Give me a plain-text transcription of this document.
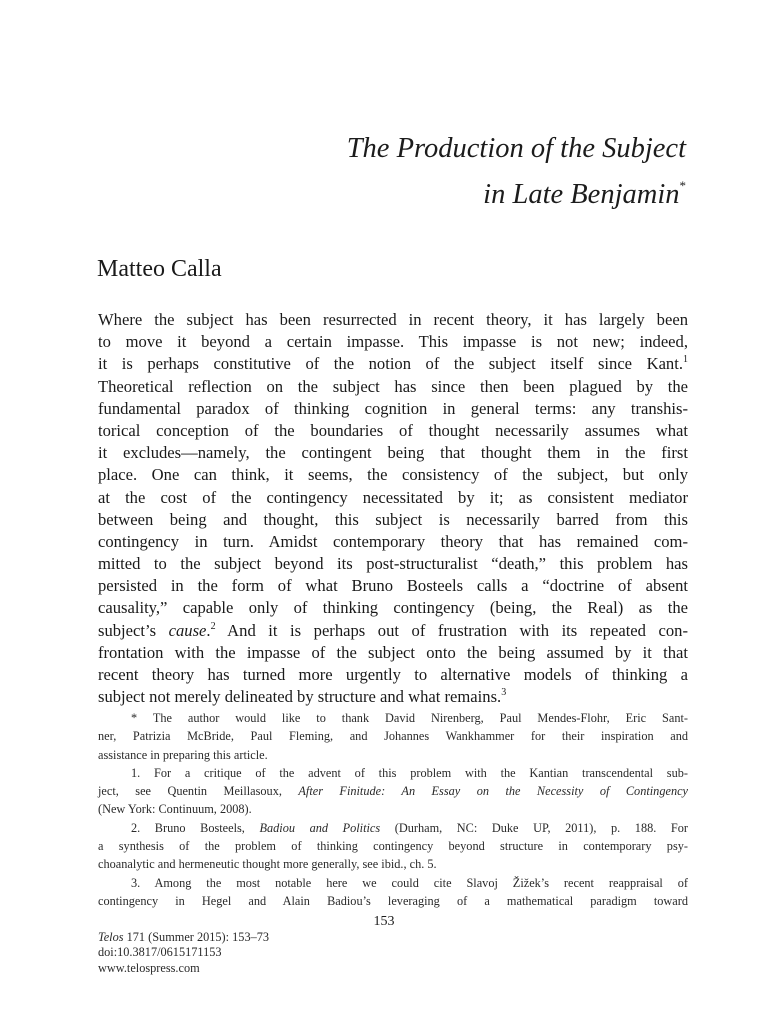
The Production of the Subject
in Late Benjamin*
Matteo Calla
Where the subject has been resurrected in recent theory, it has largely been
to move it beyond a certain impasse. This impasse is not new; indeed,
it is perhaps constitutive of the notion of the subject itself since Kant.$^1$
Theoretical reflection on the subject has since then been plagued by the
fundamental paradox of thinking cognition in general terms: any transhis-
torical conception of the boundaries of thought necessarily assumes what
it excludes—namely, the contingent being that thought them in the first
place. One can think, it seems, the consistency of the subject, but only
at the cost of the contingency necessitated by it; as consistent mediator
between being and thought, this subject is necessarily barred from this
contingency in turn. Amidst contemporary theory that has remained com-
mitted to the subject beyond its post-structuralist “death,” this problem has
persisted in the form of what Bruno Bosteels calls a “doctrine of absent
causality,” capable only of thinking contingency (being, the Real) as the
subject’s cause.$^2$ And it is perhaps out of frustration with its repeated con-
frontation with the impasse of the subject onto the being assumed by it that
recent theory has turned more urgently to alternative models of thinking a
subject not merely delineated by structure and what remains.$^3$
* The author would like to thank David Nirenberg, Paul Mendes-Flohr, Eric Sant-
ner, Patrizia McBride, Paul Fleming, and Johannes Wankhammer for their inspiration and
assistance in preparing this article.
1. For a critique of the advent of this problem with the Kantian transcendental sub-
ject, see Quentin Meillasoux, After Finitude: An Essay on the Necessity of Contingency
(New York: Continuum, 2008).
2. Bruno Bosteels, Badiou and Politics (Durham, NC: Duke UP, 2011), p. 188. For
a synthesis of the problem of thinking contingency beyond structure in contemporary psy-
choanalytic and hermeneutic thought more generally, see ibid., ch. 5.
3. Among the most notable here we could cite Slavoj Žižek’s recent reappraisal of
contingency in Hegel and Alain Badiou’s leveraging of a mathematical paradigm toward
153
Telos 171 (Summer 2015): 153–73
doi:10.3817/0615171153
www.telospress.com
